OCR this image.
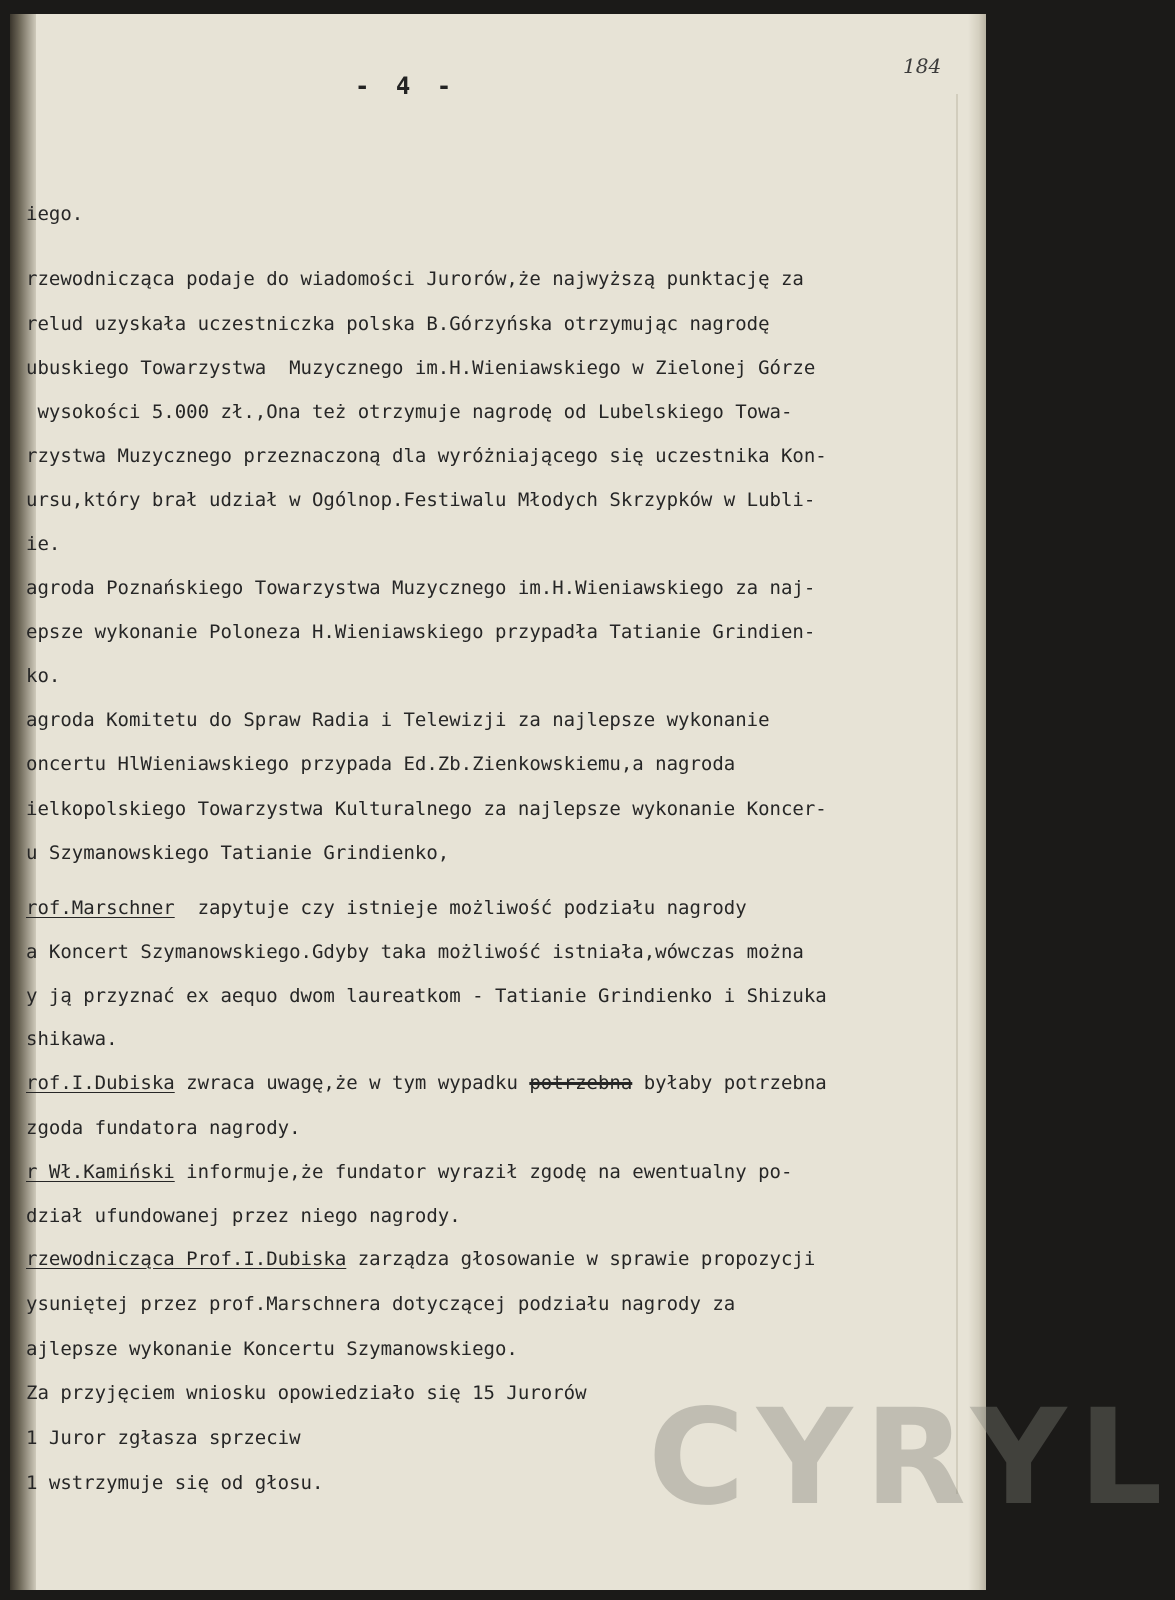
- 4 -
184
iego.
rzewodnicząca podaje do wiadomości Jurorów,że najwyższą punktację za
relud uzyskała uczestniczka polska B.Górzyńska otrzymując nagrodę
ubuskiego Towarzystwa  Muzycznego im.H.Wieniawskiego w Zielonej Górze
wysokości 5.000 zł.,Ona też otrzymuje nagrodę od Lubelskiego Towa-
rzystwa Muzycznego przeznaczoną dla wyróżniającego się uczestnika Kon-
ursu,który brał udział w Ogólnop.Festiwalu Młodych Skrzypków w Lubli-
ie.
agroda Poznańskiego Towarzystwa Muzycznego im.H.Wieniawskiego za naj-
epsze wykonanie Poloneza H.Wieniawskiego przypadła Tatianie Grindien-
ko.
agroda Komitetu do Spraw Radia i Telewizji za najlepsze wykonanie
oncertu HlWieniawskiego przypada Ed.Zb.Zienkowskiemu,a nagroda
ielkopolskiego Towarzystwa Kulturalnego za najlepsze wykonanie Koncer-
u Szymanowskiego Tatianie Grindienko,
rof.Marschner  zapytuje czy istnieje możliwość podziału nagrody
a Koncert Szymanowskiego.Gdyby taka możliwość istniała,wówczas można
y ją przyznać ex aequo dwom laureatkom - Tatianie Grindienko i Shizuka
shikawa.
rof.I.Dubiska zwraca uwagę,że w tym wypadku potrzebna byłaby potrzebna
zgoda fundatora nagrody.
r Wł.Kamiński informuje,że fundator wyraził zgodę na ewentualny po-
dział ufundowanej przez niego nagrody.
rzewodnicząca Prof.I.Dubiska zarządza głosowanie w sprawie propozycji
ysuniętej przez prof.Marschnera dotyczącej podziału nagrody za
ajlepsze wykonanie Koncertu Szymanowskiego.
Za przyjęciem wniosku opowiedziało się 15 Jurorów
1 Juror zgłasza sprzeciw
1 wstrzymuje się od głosu. CYRYL
